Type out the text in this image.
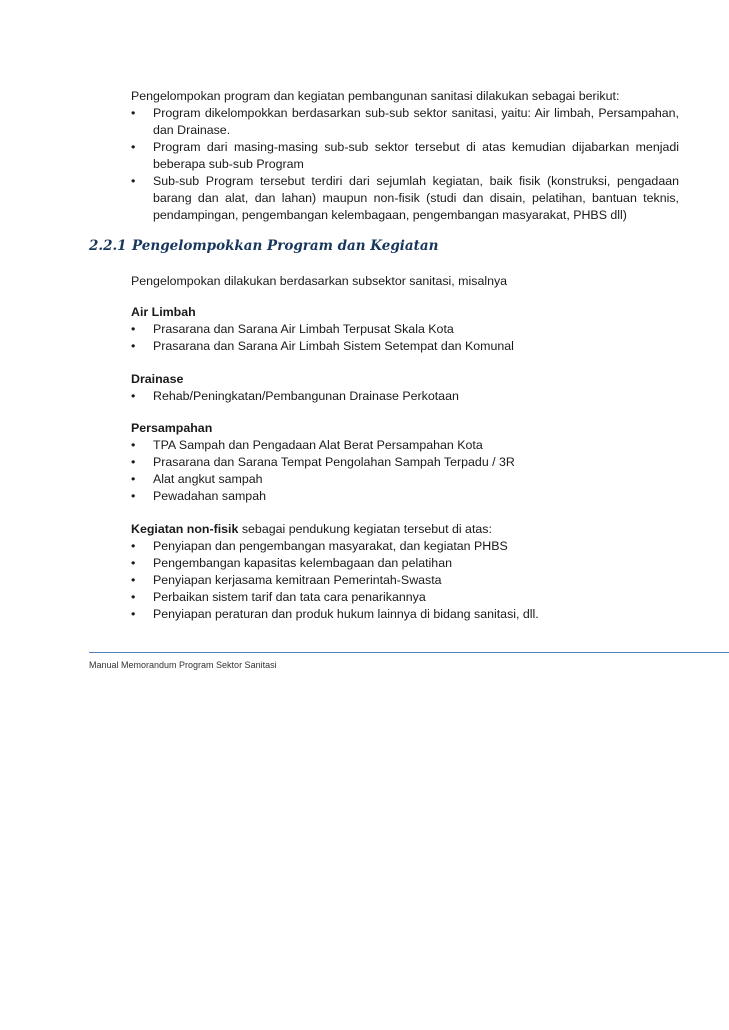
Pengelompokan program dan kegiatan pembangunan sanitasi dilakukan sebagai berikut:

•	Program dikelompokkan berdasarkan sub-sub sektor sanitasi, yaitu: Air limbah, Persampahan, dan Drainase.
•	Program dari masing-masing sub-sub sektor tersebut di atas kemudian dijabarkan menjadi beberapa sub-sub Program
•	Sub-sub Program tersebut terdiri dari sejumlah kegiatan, baik fisik (konstruksi, pengadaan barang dan alat, dan lahan) maupun non-fisik (studi dan disain, pelatihan, bantuan teknis, pendampingan, pengembangan kelembagaan, pengembangan masyarakat, PHBS dll)
2.2.1 Pengelompokkan Program dan Kegiatan

Pengelompokan dilakukan berdasarkan subsektor sanitasi, misalnya

Air Limbah

•	Prasarana dan Sarana Air Limbah Terpusat Skala Kota
•	Prasarana dan Sarana Air Limbah Sistem Setempat dan Komunal

Drainase

•	Rehab/Peningkatan/Pembangunan Drainase Perkotaan

Persampahan

•	TPA Sampah dan Pengadaan Alat Berat Persampahan Kota
•	Prasarana dan Sarana Tempat Pengolahan Sampah Terpadu / 3R
•	Alat angkut sampah
•	Pewadahan sampah

Kegiatan non-fisik sebagai pendukung kegiatan tersebut di atas:

•	Penyiapan dan pengembangan masyarakat, dan kegiatan PHBS
•	Pengembangan kapasitas kelembagaan dan pelatihan
•	Penyiapan kerjasama kemitraan Pemerintah-Swasta
•	Perbaikan sistem tarif dan tata cara penarikannya
•	Penyiapan peraturan dan produk hukum lainnya di bidang sanitasi, dll.
Manual Memorandum Program Sektor Sanitasi
